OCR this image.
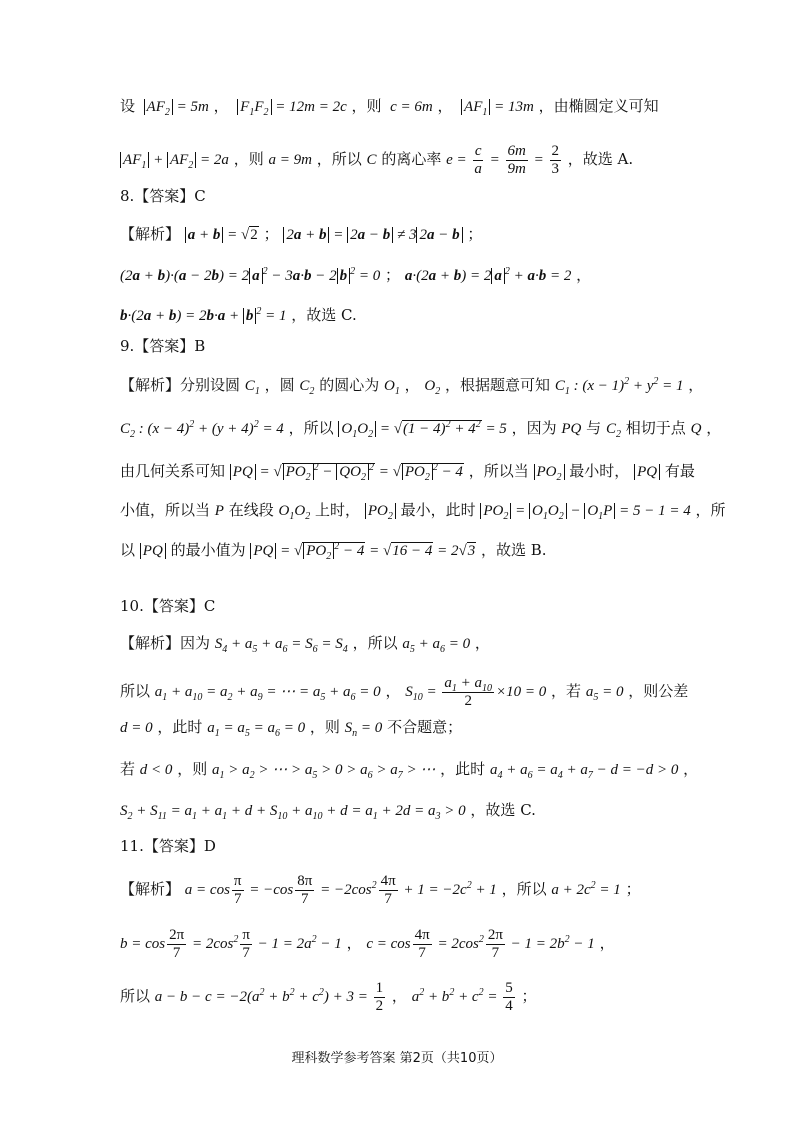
设 $AF_2 = 5m$ ， $F_1F_2 = 12m = 2c$ ，则  c = 6m ， $AF_1 = 13m$ ，由椭圆定义可知
$AF_1 + AF_2 = 2a$ ，则 a = 9m ，所以 C 的离心率 $e = \frac{c}{a} = \frac{6m}{9m} = \frac{2}{3}$ ，故选 A.
8.【答案】C
【解析】 a + b = √2 ； 2a + b = 2a − b ≠ 3 2a − b ；
(2a + b)·(a − 2b) = 2 a $^2$ − 3a·b − 2 b $^2$ = 0 ； a·(2a + b) = 2 a $^2$ + a·b = 2 ，
b·(2a + b) = 2b·a + b $^2$ = 1 ，故选 C.
9.【答案】B
【解析】分别设圆 $C_1$ ，圆 $C_2$ 的圆心为 $O_1$ ， $O_2$ ，根据题意可知 $C_1$ : $(x - 1)^2 + y^2 = 1$ ，
$C_2$ : $(x - 4)^2 + (y + 4)^2 = 4$ ，所以 $O_1O_2 = √(1 - 4)^2 + 4^2 = 5$ ，因为 PQ 与 $C_2$ 相切于点 Q ，
由几何关系可知 PQ = √ $PO_2^2 - QO_2^2$ = √ $PO_2^2 - 4$ ，所以当 $PO_2$ 最小时， PQ 有最
小值，所以当 P 在线段 $O_1O_2$ 上时， $PO_2$ 最小，此时 $PO_2 = O_1O_2 - O_1P = 5 - 1 = 4$ ，所
以 PQ 的最小值为 PQ = √ $PO_2^2 - 4 = √16 - 4 = 2√3$ ，故选 B.
10.【答案】C
【解析】因为 $S_4 + a_5 + a_6 = S_6 = S_4$ ，所以 $a_5 + a_6 = 0$ ，
所以 $a_1 + a_{10} = a_2 + a_9$ = ⋯ = $a_5 + a_6 = 0$ ， $S_{10} = \frac{a_1 + a_{10}}{2} \times 10 = 0$ ，若 $a_5 = 0$ ，则公差
d = 0 ，此时 $a_1 = a_5 = a_6 = 0$ ，则 $S_n = 0$ 不合题意；
若 d < 0 ，则 $a_1 > a_2$ > ⋯ > $a_5 > 0 > a_6 > a_7$ > ⋯ ，此时 $a_4 + a_6 = a_4 + a_7 - d = -d > 0$ ，
$S_2 + S_{11} = a_1 + a_1 + d + S_{10} + a_{10} + d = a_1 + 2d = a_3 > 0$ ，故选 C.
11.【答案】D
【解析】 $a = \cos \frac{\pi}{7} = -\cos \frac{8\pi}{7} = -2\cos^2 \frac{4\pi}{7} + 1 = -2c^2 + 1$ ，所以 $a + 2c^2 = 1$ ；
$b = \cos \frac{2\pi}{7} = 2\cos^2 \frac{\pi}{7} - 1 = 2a^2 - 1$ ， $c = \cos \frac{4\pi}{7} = 2\cos^2 \frac{2\pi}{7} - 1 = 2b^2 - 1$ ，
所以 $a - b - c = -2(a^2 + b^2 + c^2) + 3 = \frac{1}{2}$ ， $a^2 + b^2 + c^2 = \frac{5}{4}$ ；
理科数学参考答案 第2页（共10页）
